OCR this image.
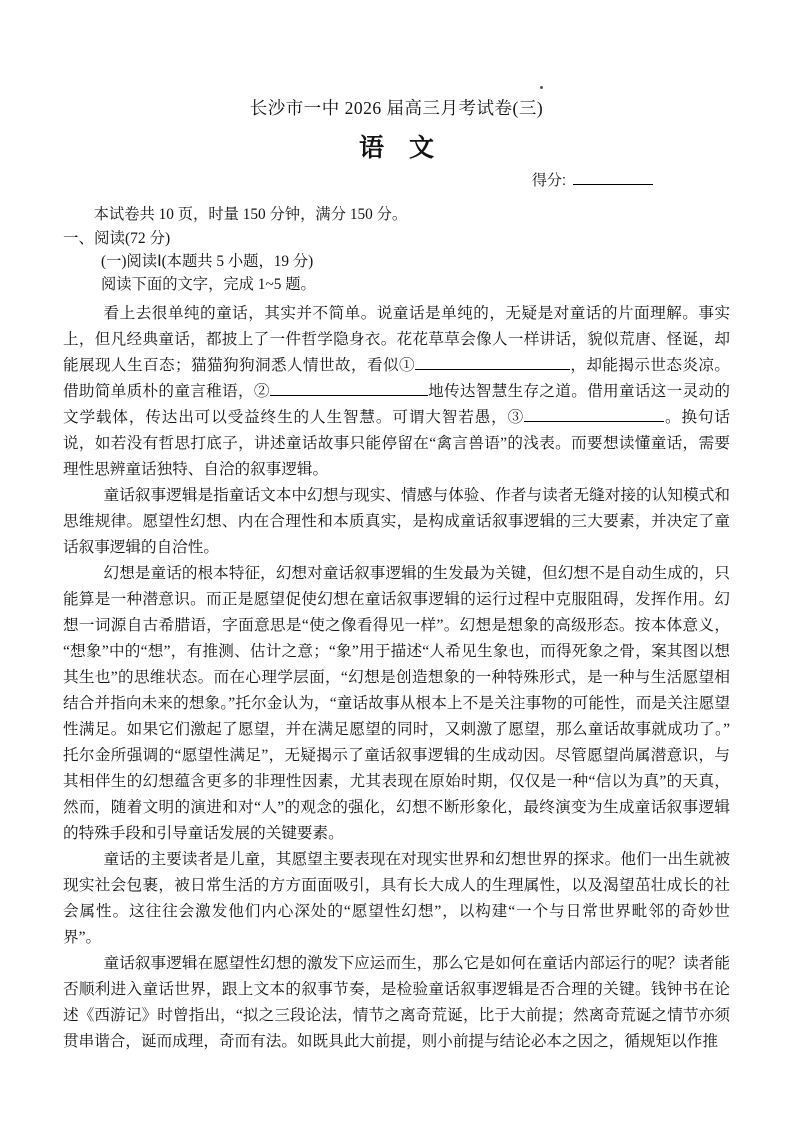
长沙市一中 2026 届高三月考试卷(三)
语　文
得分:
本试卷共 10 页，时量 150 分钟，满分 150 分。
一、阅读(72 分)
(一)阅读Ⅰ(本题共 5 小题，19 分)
阅读下面的文字，完成 1~5 题。

看上去很单纯的童话，其实并不简单。说童话是单纯的，无疑是对童话的片面理解。事实上，但凡经典童话，都披上了一件哲学隐身衣。花花草草会像人一样讲话，貌似荒唐、怪诞，却能展现人生百态；猫猫狗狗洞悉人情世故，看似①	，却能揭示世态炎凉。借助简单质朴的童言稚语，②	地传达智慧生存之道。借用童话这一灵动的文学载体，传达出可以受益终生的人生智慧。可谓大智若愚，③	。换句话说，如若没有哲思打底子，讲述童话故事只能停留在“禽言兽语”的浅表。而要想读懂童话，需要理性思辨童话独特、自洽的叙事逻辑。

童话叙事逻辑是指童话文本中幻想与现实、情感与体验、作者与读者无缝对接的认知模式和思维规律。愿望性幻想、内在合理性和本质真实，是构成童话叙事逻辑的三大要素，并决定了童话叙事逻辑的自洽性。

幻想是童话的根本特征，幻想对童话叙事逻辑的生发最为关键，但幻想不是自动生成的，只能算是一种潜意识。而正是愿望促使幻想在童话叙事逻辑的运行过程中克服阻碍，发挥作用。幻想一词源自古希腊语，字面意思是“使之像看得见一样”。幻想是想象的高级形态。按本体意义，“想象”中的“想”，有推测、估计之意；“象”用于描述“人希见生象也，而得死象之骨，案其图以想其生也”的思维状态。而在心理学层面，“幻想是创造想象的一种特殊形式，是一种与生活愿望相结合并指向未来的想象。”托尔金认为，“童话故事从根本上不是关注事物的可能性，而是关注愿望性满足。如果它们激起了愿望，并在满足愿望的同时，又刺激了愿望，那么童话故事就成功了。”托尔金所强调的“愿望性满足”，无疑揭示了童话叙事逻辑的生成动因。尽管愿望尚属潜意识，与其相伴生的幻想蕴含更多的非理性因素，尤其表现在原始时期，仅仅是一种“信以为真”的天真，然而，随着文明的演进和对“人”的观念的强化，幻想不断形象化，最终演变为生成童话叙事逻辑的特殊手段和引导童话发展的关键要素。

童话的主要读者是儿童，其愿望主要表现在对现实世界和幻想世界的探求。他们一出生就被现实社会包裹，被日常生活的方方面面吸引，具有长大成人的生理属性，以及渴望茁壮成长的社会属性。这往往会激发他们内心深处的“愿望性幻想”，以构建“一个与日常世界毗邻的奇妙世界”。

童话叙事逻辑在愿望性幻想的激发下应运而生，那么它是如何在童话内部运行的呢？读者能否顺利进入童话世界，跟上文本的叙事节奏，是检验童话叙事逻辑是否合理的关键。钱钟书在论述《西游记》时曾指出，“拟之三段论法，情节之离奇荒诞，比于大前提；然离奇荒诞之情节亦须贯串谐合，诞而成理，奇而有法。如既具此大前提，则小前提与结论必本之因之，循规矩以作推
